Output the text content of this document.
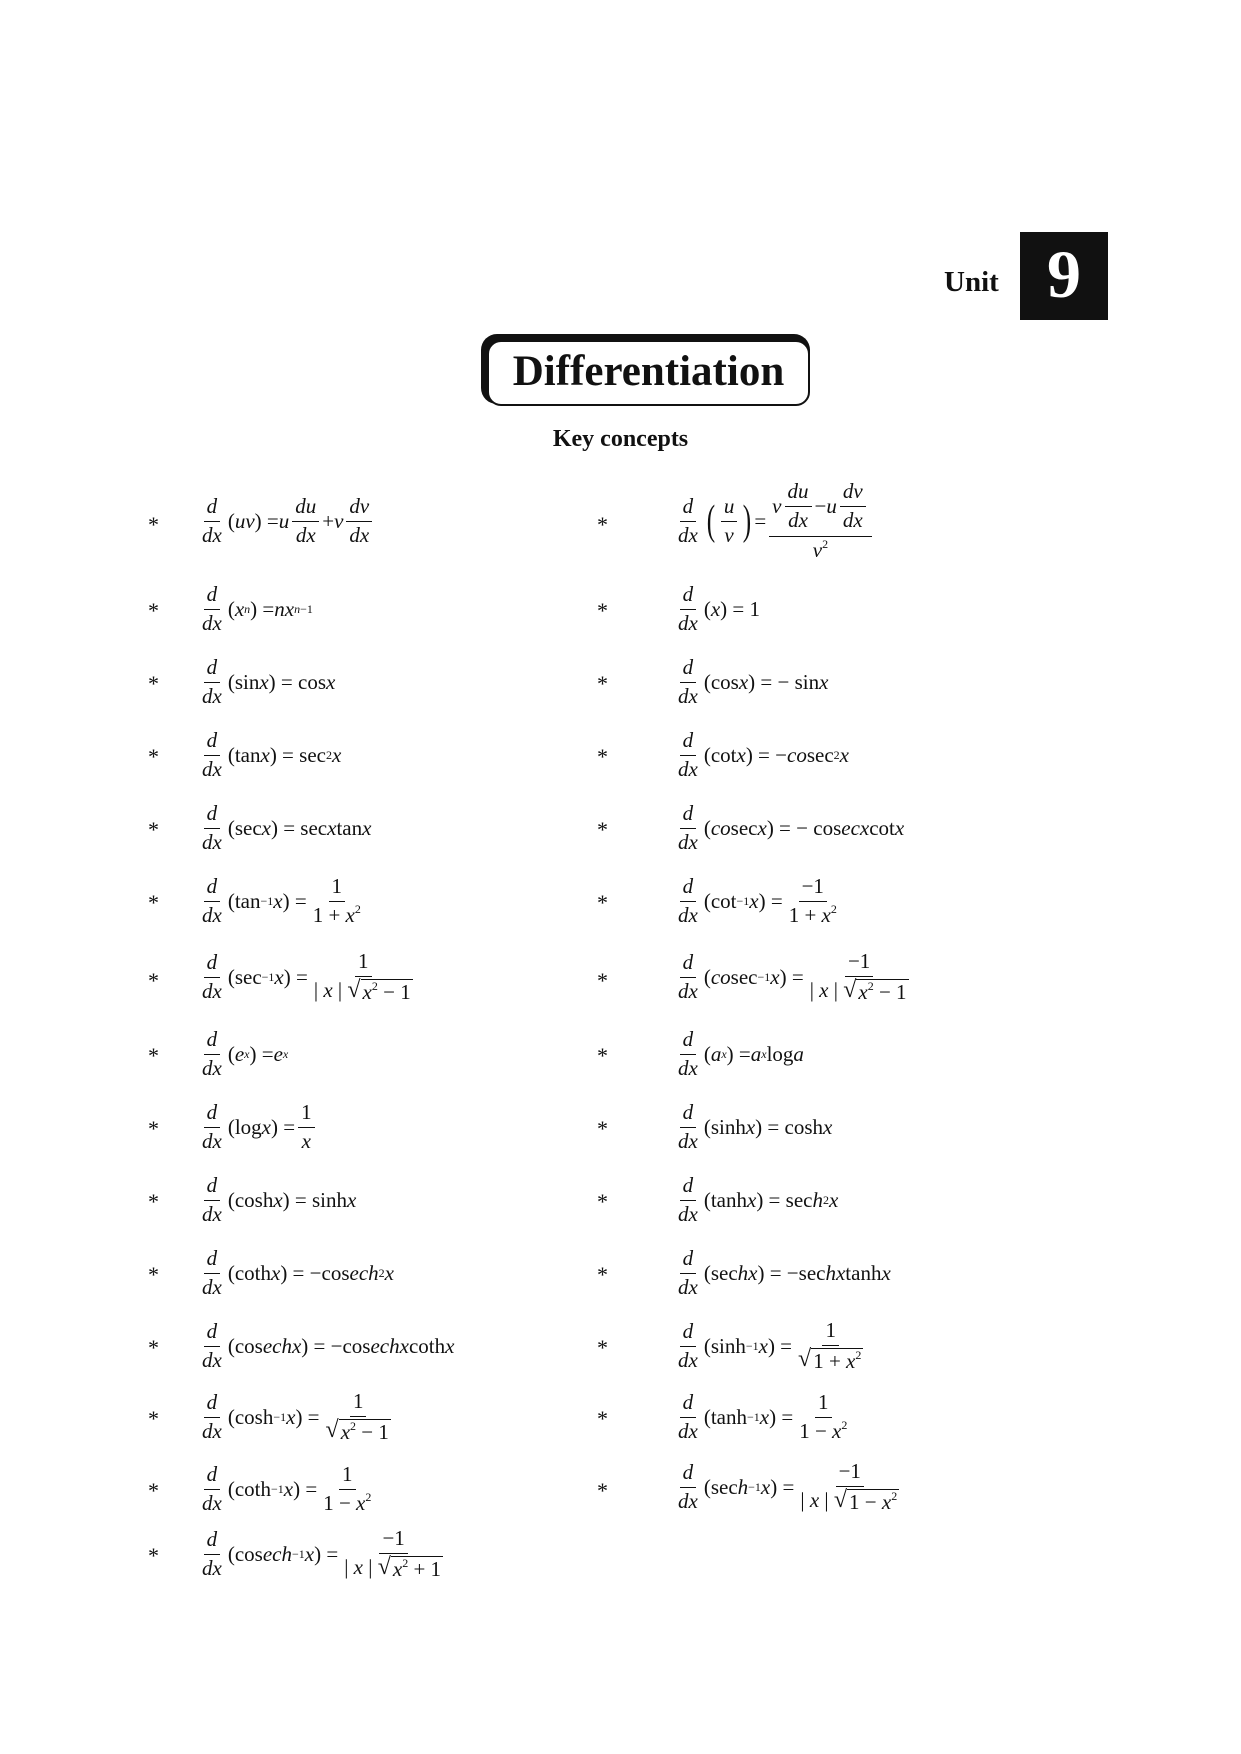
Unit 9
Differentiation
Key concepts
* $\frac{d}{dx}$ ( uv ) = u $\frac{du}{dx} + v \frac{dv}{dx}$
* $\frac{d}{dx}$ ( x n ) = nx n−1
* $\frac{d}{dx} (\sin$ x ) = cos x
* $\frac{d}{dx} (\tan$ x ) = sec 2 x
* $\frac{d}{dx} (\sec$ x ) = sec x tan x
* $\frac{d}{dx} (\tan -1$ x ) = $\frac{1}{1 + x^2}$
* $\frac{d}{dx} (\sec -1$ x ) = $\frac{1}{| x | √ x^2 - 1}$
* $\frac{d}{dx}$ ( e x ) = e x
* $\frac{d}{dx} (\log$ x ) = $\frac{1}{x}$
* $\frac{d}{dx} (\cosh$ x ) = sinh x
* $\frac{d}{dx} (\cot h$ x ) = −cos ech 2 x
* $\frac{d}{dx} (\cos$ echx ) = −cos echx coth x
* $\frac{d}{dx} (\cosh -1$ x ) = $\frac{1}{√ x^2 - 1}$
* $\frac{d}{dx} (\cot h -1$ x ) = $\frac{1}{1 - x^2}$
* $\frac{d}{dx} (\cos$ ech −1 x ) = $\frac{-1}{| x | √ x^2 + 1}$
*	$\frac{d}{dx}$ ( $\frac{u}{v}$ ) = $\frac{v \frac{du}{dx} - u \frac{dv}{dx}}{v^2}$
*	$\frac{d}{dx}$ ( x ) = 1
*	$\frac{d}{dx} (\cos$ x ) = − sin x
*	$\frac{d}{dx} (\cot$ x ) = − co sec 2 x
*	$\frac{d}{dx}$ ( co sec x ) = − cos ecx cot x
*	$\frac{d}{dx} (\cot -1$ x ) = $\frac{-1}{1 + x^2}$
*	$\frac{d}{dx}$ ( co sec −1 x ) = $\frac{-1}{| x | √ x^2 - 1}$
*	$\frac{d}{dx}$ ( a x ) = a x log a
*	$\frac{d}{dx} (\sinh$ x ) = cosh x
*	$\frac{d}{dx} (\tanh$ x ) = sec h 2 x
*	$\frac{d}{dx} (\sec$ hx ) = −sec hx tanh x
*	$\frac{d}{dx} (\sinh -1$ x ) = $\frac{1}{√ 1 + x^2}$
*	$\frac{d}{dx} (\tanh -1$ x ) = $\frac{1}{1 - x^2}$
*	$\frac{d}{dx} (\sec$ h −1 x ) = $\frac{-1}{| x | √ 1 - x^2}$
